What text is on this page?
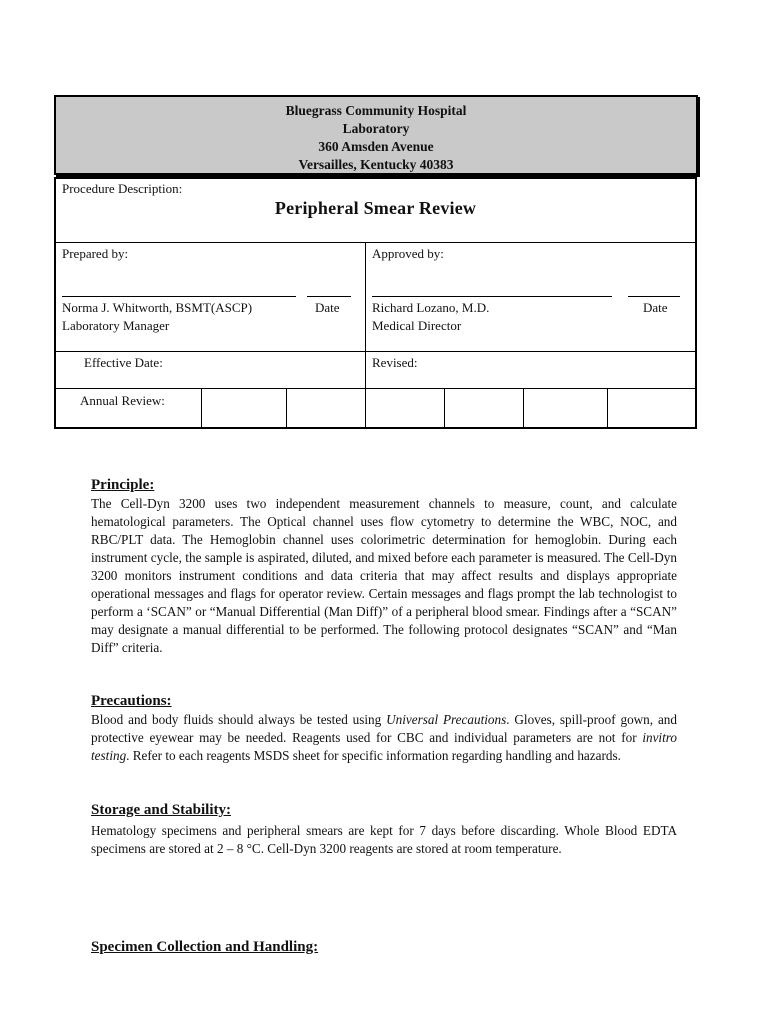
Bluegrass Community Hospital
Laboratory
360 Amsden Avenue
Versailles, Kentucky 40383
Procedure Description:
Peripheral Smear Review
Prepared by:	Approved by:
Norma J. Whitworth, BSMT(ASCP)	Date
Laboratory Manager
Richard Lozano, M.D.	Date
Medical Director
Effective Date:	Revised:
Annual Review:
Principle:
The Cell-Dyn 3200 uses two independent measurement channels to measure, count, and calculate hematological parameters. The Optical channel uses flow cytometry to determine the WBC, NOC, and RBC/PLT data. The Hemoglobin channel uses colorimetric determination for hemoglobin. During each instrument cycle, the sample is aspirated, diluted, and mixed before each parameter is measured. The Cell-Dyn 3200 monitors instrument conditions and data criteria that may affect results and displays appropriate operational messages and flags for operator review. Certain messages and flags prompt the lab technologist to perform a ‘SCAN” or “Manual Differential (Man Diff)” of a peripheral blood smear. Findings after a “SCAN” may designate a manual differential to be performed. The following protocol designates “SCAN” and “Man Diff” criteria.
Precautions:
Blood and body fluids should always be tested using Universal Precautions. Gloves, spill-proof gown, and protective eyewear may be needed. Reagents used for CBC and individual parameters are not for invitro testing. Refer to each reagents MSDS sheet for specific information regarding handling and hazards.
Storage and Stability:
Hematology specimens and peripheral smears are kept for 7 days before discarding. Whole Blood EDTA specimens are stored at 2 – 8 °C. Cell-Dyn 3200 reagents are stored at room temperature.
Specimen Collection and Handling:
